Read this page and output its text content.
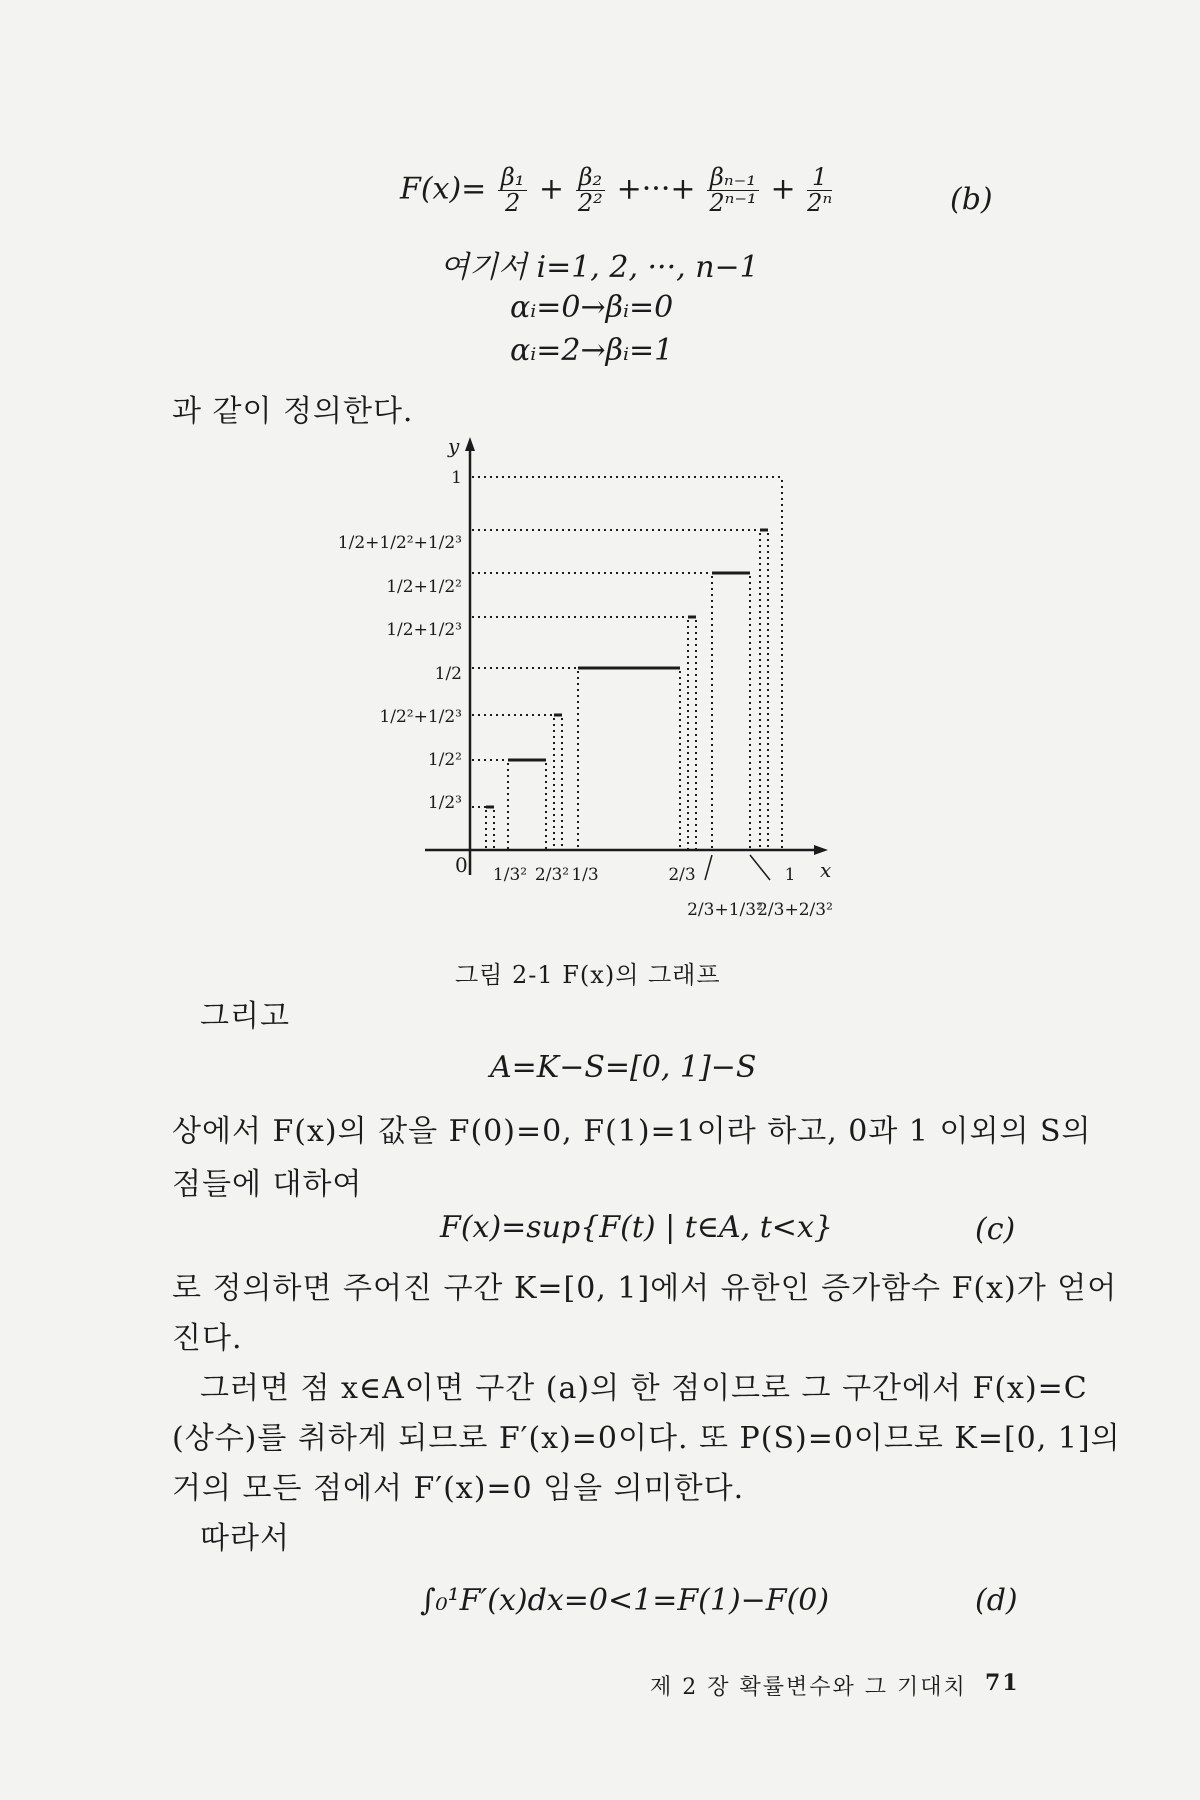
$F(x)= \frac{\text{β₁}}{2} + \frac{\text{β₂}}{\text{2²}}$ +···+ $\frac{\text{βₙ₋₁}}{\text{2ⁿ⁻¹}} + \frac{1}{\text{2ⁿ}}$	(b)
여기서 i=1, 2, ···, n−1
αᵢ=0→βᵢ=0
αᵢ=2→βᵢ=1
과 같이 정의한다.
y
x
0
1
1/2+1/2²+1/2³
1/2+1/2²
1/2+1/2³
1/2
1/2²+1/2³
1/2²
1/2³
1/3² 2/3² 1/3	2/3
2/3+1/3²
2/3+2/3²
1
그림 2-1 F(x)의 그래프
그리고
A=K−S=[0, 1]−S
상에서 F(x)의 값을 F(0)=0, F(1)=1이라 하고, 0과 1 이외의 S의
점들에 대하여
F(x)=sup{F(t) | t∈A, t<x}	(c)
로 정의하면 주어진 구간 K=[0, 1]에서 유한인 증가함수 F(x)가 얻어
진다.
그러면 점 x∈A이면 구간 (a)의 한 점이므로 그 구간에서 F(x)=C
(상수)를 취하게 되므로 F′(x)=0이다. 또 P(S)=0이므로 K=[0, 1]의
거의 모든 점에서 F′(x)=0 임을 의미한다.
따라서
∫₀¹F′(x)dx=0<1=F(1)−F(0)	(d)
제 2 장 확률변수와 그 기대치 71
